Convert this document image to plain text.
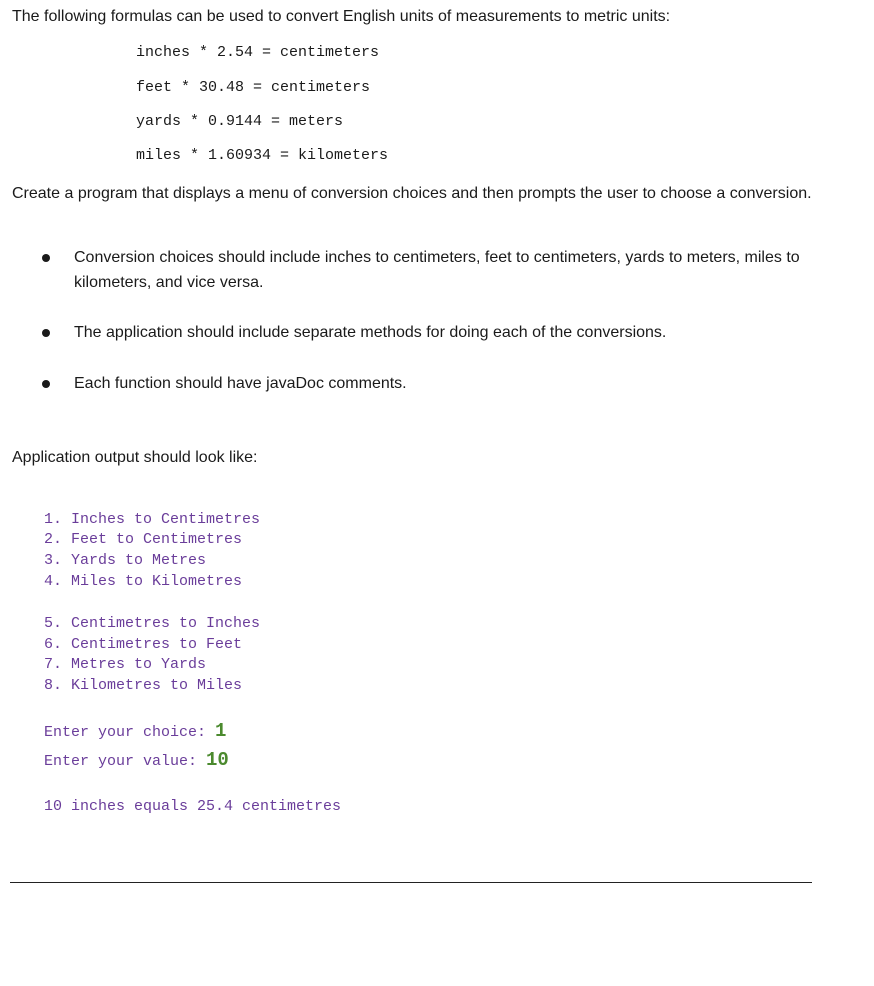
The following formulas can be used to convert English units of measurements to metric units:
inches * 2.54 = centimeters
feet * 30.48 = centimeters
yards * 0.9144 = meters
miles * 1.60934 = kilometers
Create a program that displays a menu of conversion choices and then prompts the user to choose a conversion.
Conversion choices should include inches to centimeters, feet to centimeters, yards to meters, miles to kilometers, and vice versa.
The application should include separate methods for doing each of the conversions.
Each function should have javaDoc comments.
Application output should look like:
1. Inches to Centimetres
2. Feet to Centimetres
3. Yards to Metres
4. Miles to Kilometres
5. Centimetres to Inches
6. Centimetres to Feet
7. Metres to Yards
8. Kilometres to Miles
Enter your choice: 1
Enter your value: 10
10 inches equals 25.4 centimetres
